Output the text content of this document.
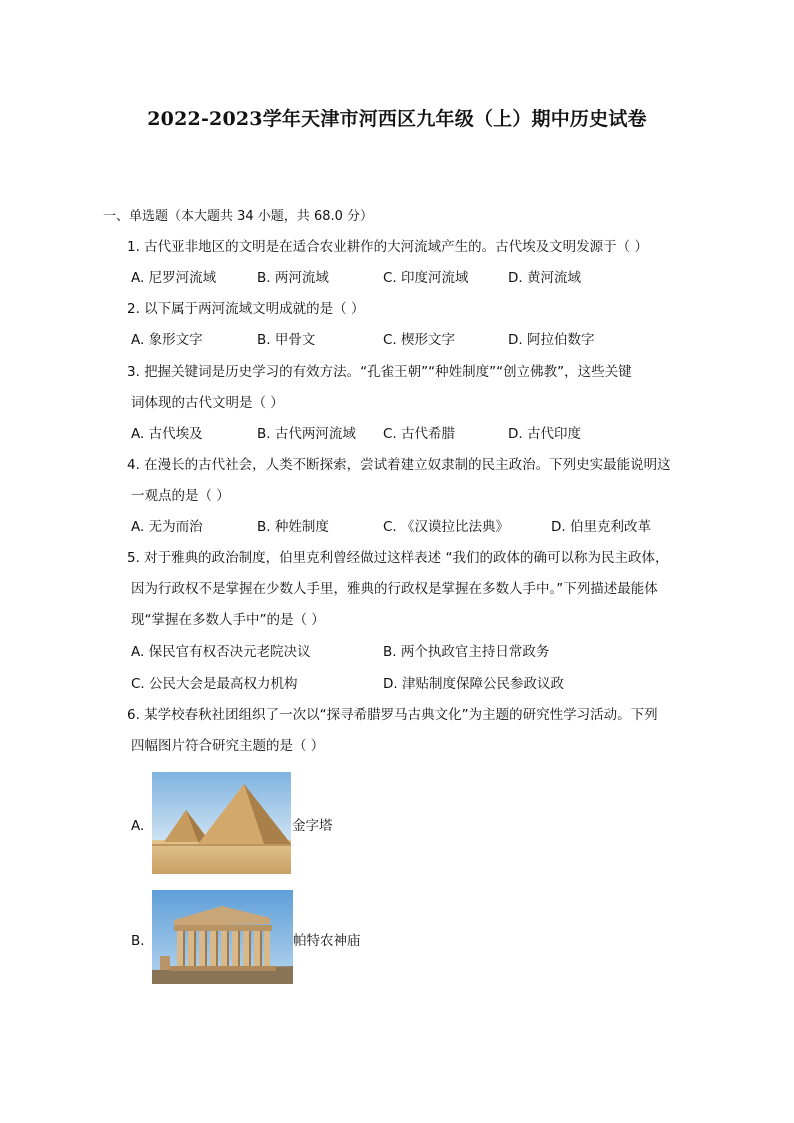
2022-2023学年天津市河西区九年级（上）期中历史试卷
一、单选题（本大题共 34 小题，共 68.0 分）
1. 古代亚非地区的文明是在适合农业耕作的大河流域产生的。古代埃及文明发源于（ ）
A. 尼罗河流域	B. 两河流域	C. 印度河流域	D. 黄河流域
2. 以下属于两河流域文明成就的是（ ）
A. 象形文字	B. 甲骨文	C. 楔形文字	D. 阿拉伯数字
3. 把握关键词是历史学习的有效方法。“孔雀王朝”“种姓制度”“创立佛教”，这些关键
词体现的古代文明是（ ）
A. 古代埃及	B. 古代两河流域 C. 古代希腊	D. 古代印度
4. 在漫长的古代社会，人类不断探索，尝试着建立奴隶制的民主政治。下列史实最能说明这
一观点的是（ ）
A. 无为而治	B. 种姓制度	C. 《汉谟拉比法典》	D. 伯里克利改革
5. 对于雅典的政治制度，伯里克利曾经做过这样表述 “我们的政体的确可以称为民主政体，
因为行政权不是掌握在少数人手里，雅典的行政权是掌握在多数人手中。”下列描述最能体
现“掌握在多数人手中”的是（ ）
A. 保民官有权否决元老院决议	B. 两个执政官主持日常政务
C. 公民大会是最高权力机构	D. 津贴制度保障公民参政议政
6. 某学校春秋社团组织了一次以“探寻希腊罗马古典文化”为主题的研究性学习活动。下列
四幅图片符合研究主题的是（ ）
A.	金字塔
B.	帕特农神庙
